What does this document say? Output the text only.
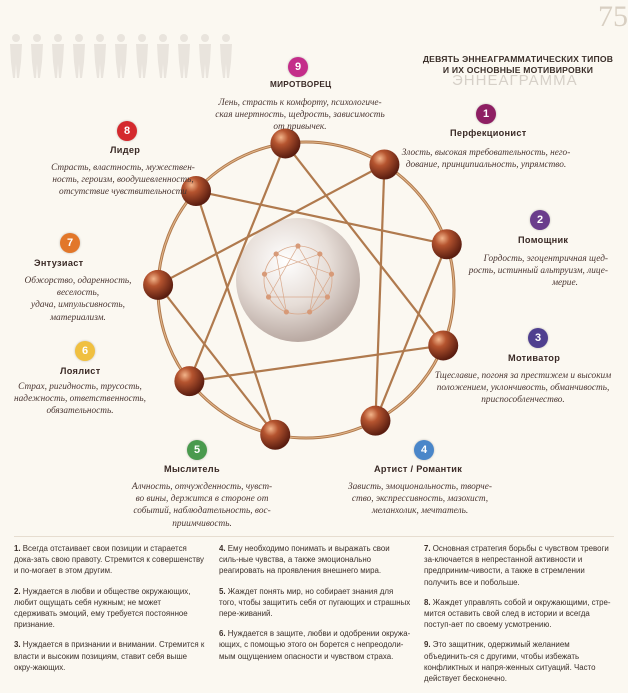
75
ЭННЕАГРАММА
ДЕВЯТЬ ЭННЕАГРАММАТИЧЕСКИХ ТИПОВ
И ИХ ОСНОВНЫЕ МОТИВИРОВКИ
9
МИРОТВОРЕЦ
Лень, страсть к комфорту, психологиче-
ская инертность, щедрость, зависимость
от привычек.
1
Перфекционист
Злость, высокая требовательность, него-
дование, принципиальность, упрямство.
8
Лидер
Страсть, властность, мужествен-
ность, героизм, воодушевленность,
отсутствие чувствительности
2
Помощник
Гордость, эгоцентричная щед-
рость, истинный альтруизм, лице-
мерие.
7
Энтузиаст
Обжорство, одаренность, веселость,
удача, импульсивность,
материализм.
3
Мотиватор
Тщеславие, погоня за престижем и высоким
положением, уклончивость, обманчивость,
приспособленчество.
6
Лоялист
Страх, ригидность, трусость,
надежность, ответственность,
обязательность.
5
Мыслитель
Алчность, отчужденность, чувст-
во вины, держится в стороне от
событий, наблюдательность, вос-
приимчивость.
4
Артист / Романтик
Зависть, эмоциональность, творче-
ство, экспрессивность, мазохист,
меланхолик, мечтатель.
1. Всегда отстаивает свои позиции и старается дока-зать свою правоту. Стремится к совершенству и по-могает в этом другим.
2. Нуждается в любви и обществе окружающих, любит ощущать себя нужным; не может сдерживать эмоций, ему требуется постоянное признание.
3. Нуждается в признании и внимании. Стремится к власти и высоким позициям, ставит себя выше окру-жающих.
4. Ему необходимо понимать и выражать свои силь-ные чувства, а также эмоционально реагировать на проявления внешнего мира.
5. Жаждет понять мир, но собирает знания для того, чтобы защитить себя от пугающих и страшных пере-живаний.
6. Нуждается в защите, любви и одобрении окружа-ющих, с помощью этого он борется с непреодоли-мым ощущением опасности и чувством страха.
7. Основная стратегия борьбы с чувством тревоги за-ключается в непрестанной активности и предприним-чивости, а также в стремлении получить все и побольше.
8. Жаждет управлять собой и окружающими, стре-мится оставить свой след в истории и всегда поступ-ает по своему усмотрению.
9. Это защитник, одержимый желанием объединить-ся с другими, чтобы избежать конфликтных и напря-женных ситуаций. Часто действует бесконечно.
